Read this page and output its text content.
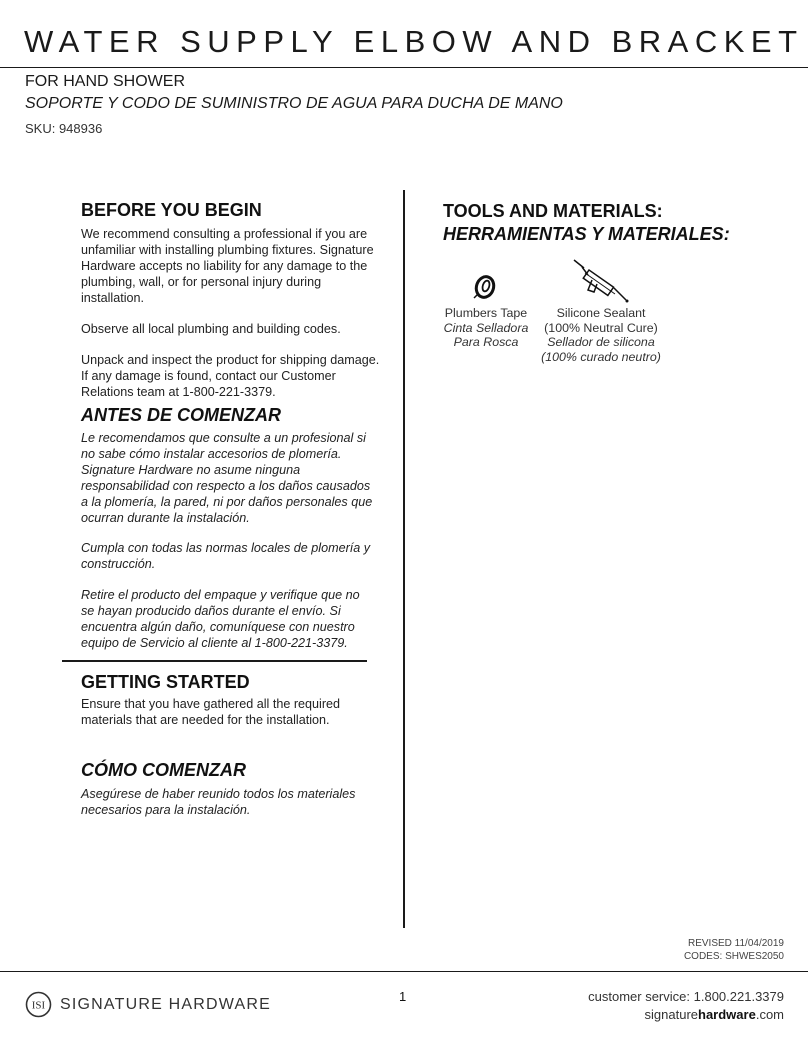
WATER SUPPLY ELBOW AND BRACKET
FOR HAND SHOWER
SOPORTE Y CODO DE SUMINISTRO DE AGUA PARA DUCHA DE MANO
SKU: 948936
BEFORE YOU BEGIN
We recommend consulting a professional if you are unfamiliar with installing plumbing fixtures. Signature Hardware accepts no liability for any damage to the plumbing, wall, or for personal injury during installation.
Observe all local plumbing and building codes.
Unpack and inspect the product for shipping damage. If any damage is found, contact our Customer Relations team at 1-800-221-3379.
ANTES DE COMENZAR
Le recomendamos que consulte a un profesional si no sabe cómo instalar accesorios de plomería. Signature Hardware no asume ninguna responsabilidad con respecto a los daños causados a la plomería, la pared, ni por daños personales que ocurran durante la instalación.
Cumpla con todas las normas locales de plomería y construcción.
Retire el producto del empaque y verifique que no se hayan producido daños durante el envío. Si encuentra algún daño, comuníquese con nuestro equipo de Servicio al cliente al 1-800-221-3379.
GETTING STARTED
Ensure that you have gathered all the required materials that are needed for the installation.
CÓMO COMENZAR
Asegúrese de haber reunido todos los materiales necesarios para la instalación.
TOOLS AND MATERIALS:
HERRAMIENTAS Y MATERIALES:
Plumbers Tape
Cinta Selladora
Para Rosca
Silicone Sealant
(100% Neutral Cure)
Sellador de silicona
(100% curado neutro)
REVISED 11/04/2019
CODES: SHWES2050
1
ISI SIGNATURE HARDWARE	customer service: 1.800.221.3379
signaturehardware.com
